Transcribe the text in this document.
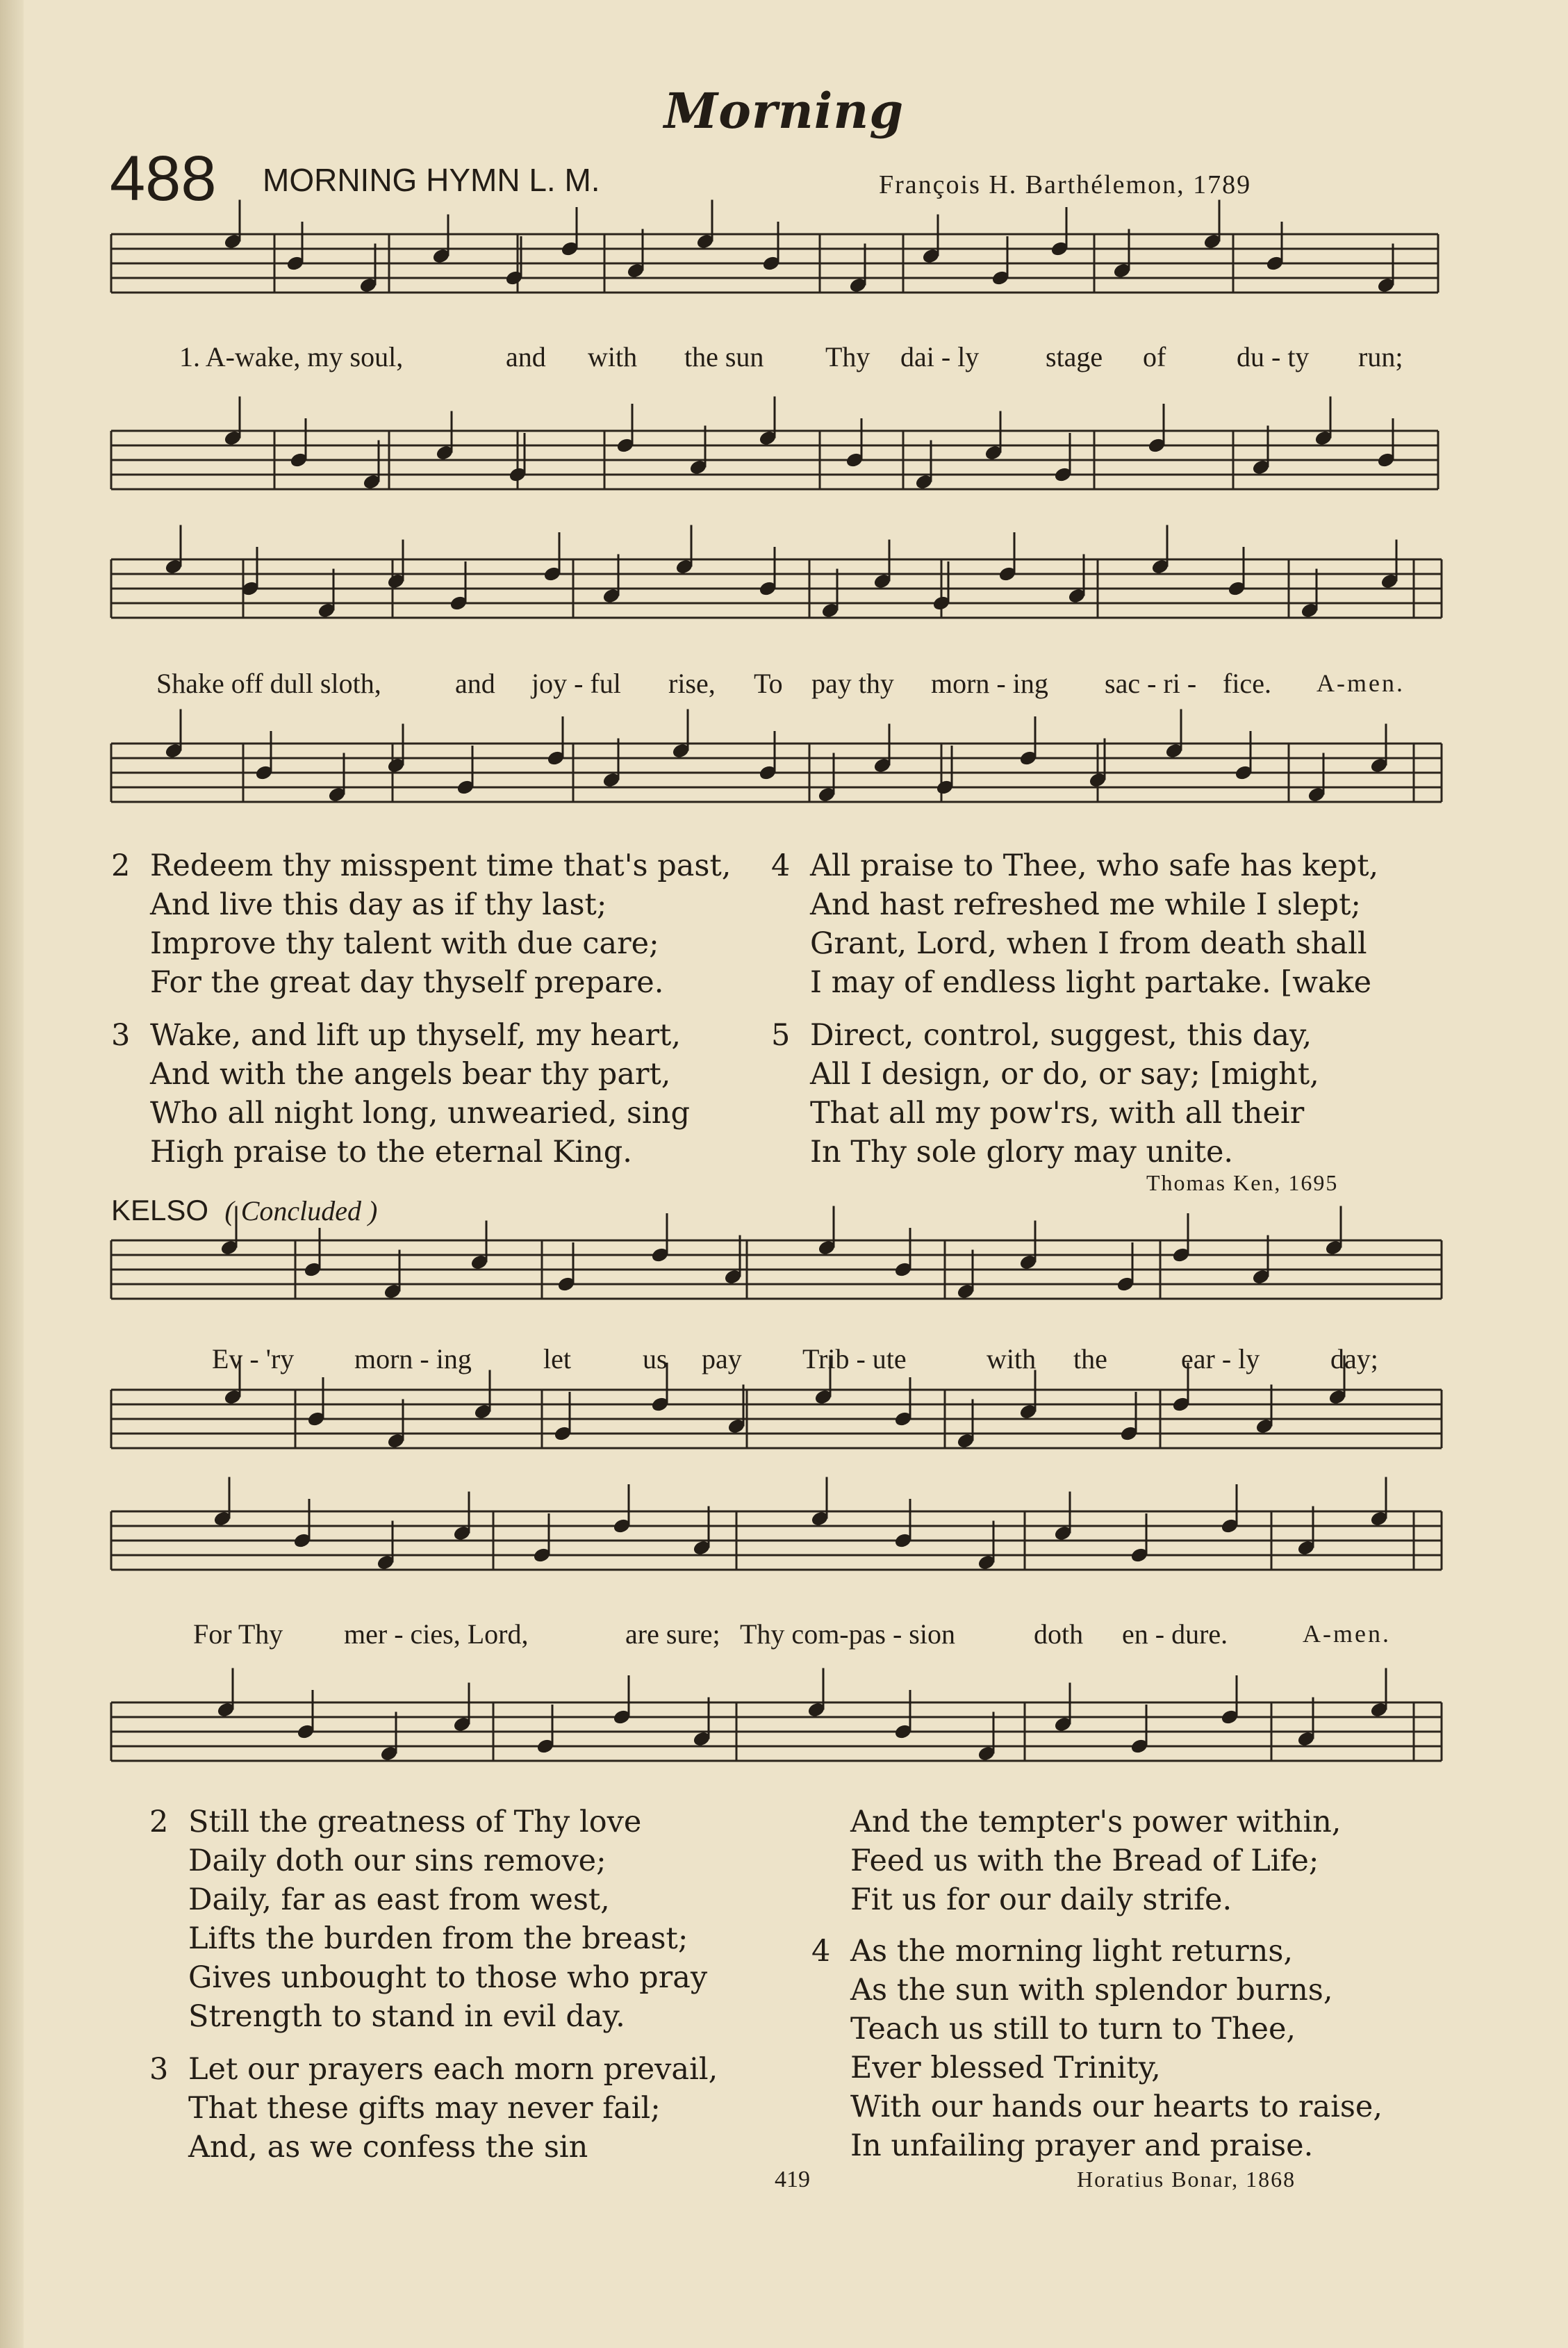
Morning
488 MORNING HYMN L. M.	François H. Barthélemon, 1789
1. A-wake, my soul,	and with the sun Thy dai - ly stage of	du - ty run;
Shake off dull sloth,	and joy - ful rise, To pay thy morn - ing sac - ri - fice. A-men.
2 Redeem thy misspent time that's past,
And live this day as if thy last;
Improve thy talent with due care;
For the great day thyself prepare.
3 Wake, and lift up thyself, my heart,
And with the angels bear thy part,
Who all night long, unwearied, sing
High praise to the eternal King.
4 All praise to Thee, who safe has kept,
And hast refreshed me while I slept;
Grant, Lord, when I from death shall
I may of endless light partake. [wake
5 Direct, control, suggest, this day,
All I design, or do, or say; [might,
That all my pow'rs, with all their
In Thy sole glory may unite.
Thomas Ken, 1695
KELSO ( Concluded )
Ev - 'ry morn - ing	let	us pay Trib - ute	with the	ear - ly	day;
For Thy mer - cies, Lord,	are sure; Thy com-pas - sion	doth en - dure.	A-men.
2 Still the greatness of Thy love
Daily doth our sins remove;
Daily, far as east from west,
Lifts the burden from the breast;
Gives unbought to those who pray
Strength to stand in evil day.
3 Let our prayers each morn prevail,
That these gifts may never fail;
And, as we confess the sin
And the tempter's power within,
Feed us with the Bread of Life;
Fit us for our daily strife.
4 As the morning light returns,
As the sun with splendor burns,
Teach us still to turn to Thee,
Ever blessed Trinity,
With our hands our hearts to raise,
In unfailing prayer and praise.
Horatius Bonar, 1868
419
